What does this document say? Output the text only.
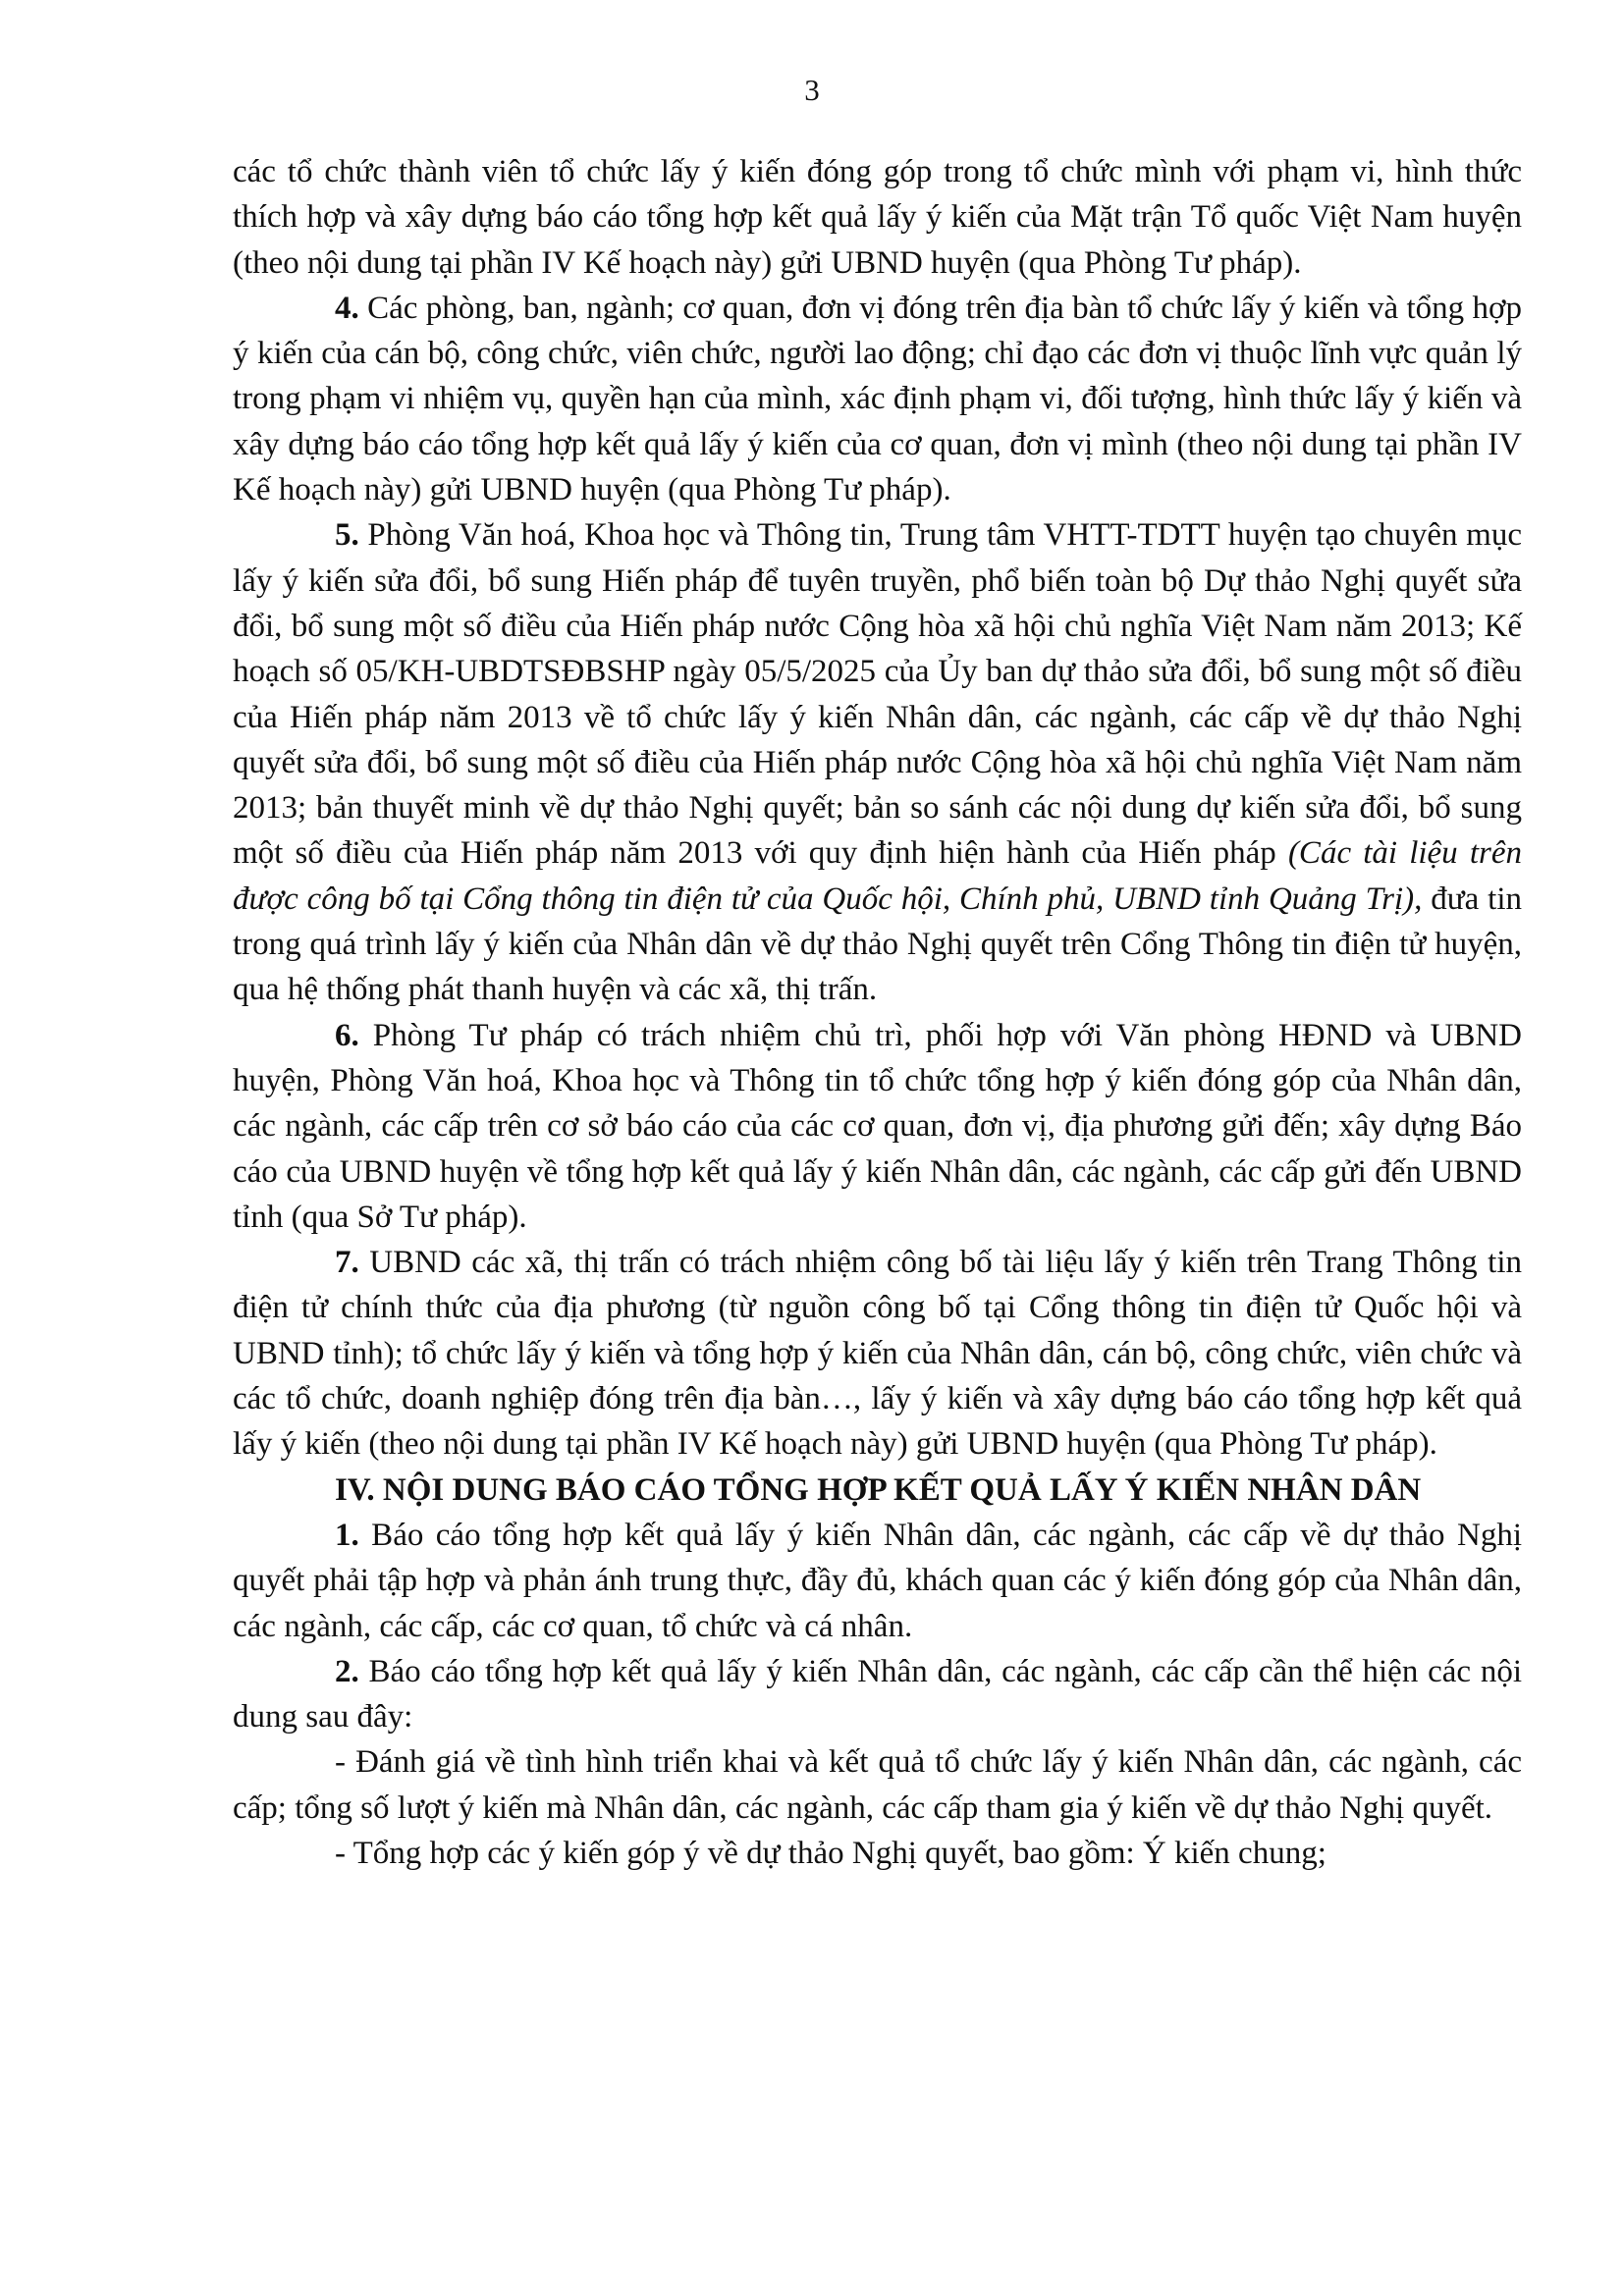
3

các tổ chức thành viên tổ chức lấy ý kiến đóng góp trong tổ chức mình với phạm vi, hình thức thích hợp và xây dựng báo cáo tổng hợp kết quả lấy ý kiến của Mặt trận Tổ quốc Việt Nam huyện (theo nội dung tại phần IV Kế hoạch này) gửi UBND huyện (qua Phòng Tư pháp).

4. Các phòng, ban, ngành; cơ quan, đơn vị đóng trên địa bàn tổ chức lấy ý kiến và tổng hợp ý kiến của cán bộ, công chức, viên chức, người lao động; chỉ đạo các đơn vị thuộc lĩnh vực quản lý trong phạm vi nhiệm vụ, quyền hạn của mình, xác định phạm vi, đối tượng, hình thức lấy ý kiến và xây dựng báo cáo tổng hợp kết quả lấy ý kiến của cơ quan, đơn vị mình (theo nội dung tại phần IV Kế hoạch này) gửi UBND huyện (qua Phòng Tư pháp).

5. Phòng Văn hoá, Khoa học và Thông tin, Trung tâm VHTT-TDTT huyện tạo chuyên mục lấy ý kiến sửa đổi, bổ sung Hiến pháp để tuyên truyền, phổ biến toàn bộ Dự thảo Nghị quyết sửa đổi, bổ sung một số điều của Hiến pháp nước Cộng hòa xã hội chủ nghĩa Việt Nam năm 2013; Kế hoạch số 05/KH-UBDTSĐBSHP ngày 05/5/2025 của Ủy ban dự thảo sửa đổi, bổ sung một số điều của Hiến pháp năm 2013 về tổ chức lấy ý kiến Nhân dân, các ngành, các cấp về dự thảo Nghị quyết sửa đổi, bổ sung một số điều của Hiến pháp nước Cộng hòa xã hội chủ nghĩa Việt Nam năm 2013; bản thuyết minh về dự thảo Nghị quyết; bản so sánh các nội dung dự kiến sửa đổi, bổ sung một số điều của Hiến pháp năm 2013 với quy định hiện hành của Hiến pháp (Các tài liệu trên được công bố tại Cổng thông tin điện tử của Quốc hội, Chính phủ, UBND tỉnh Quảng Trị), đưa tin trong quá trình lấy ý kiến của Nhân dân về dự thảo Nghị quyết trên Cổng Thông tin điện tử huyện, qua hệ thống phát thanh huyện và các xã, thị trấn.

6. Phòng Tư pháp có trách nhiệm chủ trì, phối hợp với Văn phòng HĐND và UBND huyện, Phòng Văn hoá, Khoa học và Thông tin tổ chức tổng hợp ý kiến đóng góp của Nhân dân, các ngành, các cấp trên cơ sở báo cáo của các cơ quan, đơn vị, địa phương gửi đến; xây dựng Báo cáo của UBND huyện về tổng hợp kết quả lấy ý kiến Nhân dân, các ngành, các cấp gửi đến UBND tỉnh (qua Sở Tư pháp).

7. UBND các xã, thị trấn có trách nhiệm công bố tài liệu lấy ý kiến trên Trang Thông tin điện tử chính thức của địa phương (từ nguồn công bố tại Cổng thông tin điện tử Quốc hội và UBND tỉnh); tổ chức lấy ý kiến và tổng hợp ý kiến của Nhân dân, cán bộ, công chức, viên chức và các tổ chức, doanh nghiệp đóng trên địa bàn…, lấy ý kiến và xây dựng báo cáo tổng hợp kết quả lấy ý kiến (theo nội dung tại phần IV Kế hoạch này) gửi UBND huyện (qua Phòng Tư pháp).

IV. NỘI DUNG BÁO CÁO TỔNG HỢP KẾT QUẢ LẤY Ý KIẾN NHÂN DÂN

1. Báo cáo tổng hợp kết quả lấy ý kiến Nhân dân, các ngành, các cấp về dự thảo Nghị quyết phải tập hợp và phản ánh trung thực, đầy đủ, khách quan các ý kiến đóng góp của Nhân dân, các ngành, các cấp, các cơ quan, tổ chức và cá nhân.

2. Báo cáo tổng hợp kết quả lấy ý kiến Nhân dân, các ngành, các cấp cần thể hiện các nội dung sau đây:

- Đánh giá về tình hình triển khai và kết quả tổ chức lấy ý kiến Nhân dân, các ngành, các cấp; tổng số lượt ý kiến mà Nhân dân, các ngành, các cấp tham gia ý kiến về dự thảo Nghị quyết.

- Tổng hợp các ý kiến góp ý về dự thảo Nghị quyết, bao gồm: Ý kiến chung;
